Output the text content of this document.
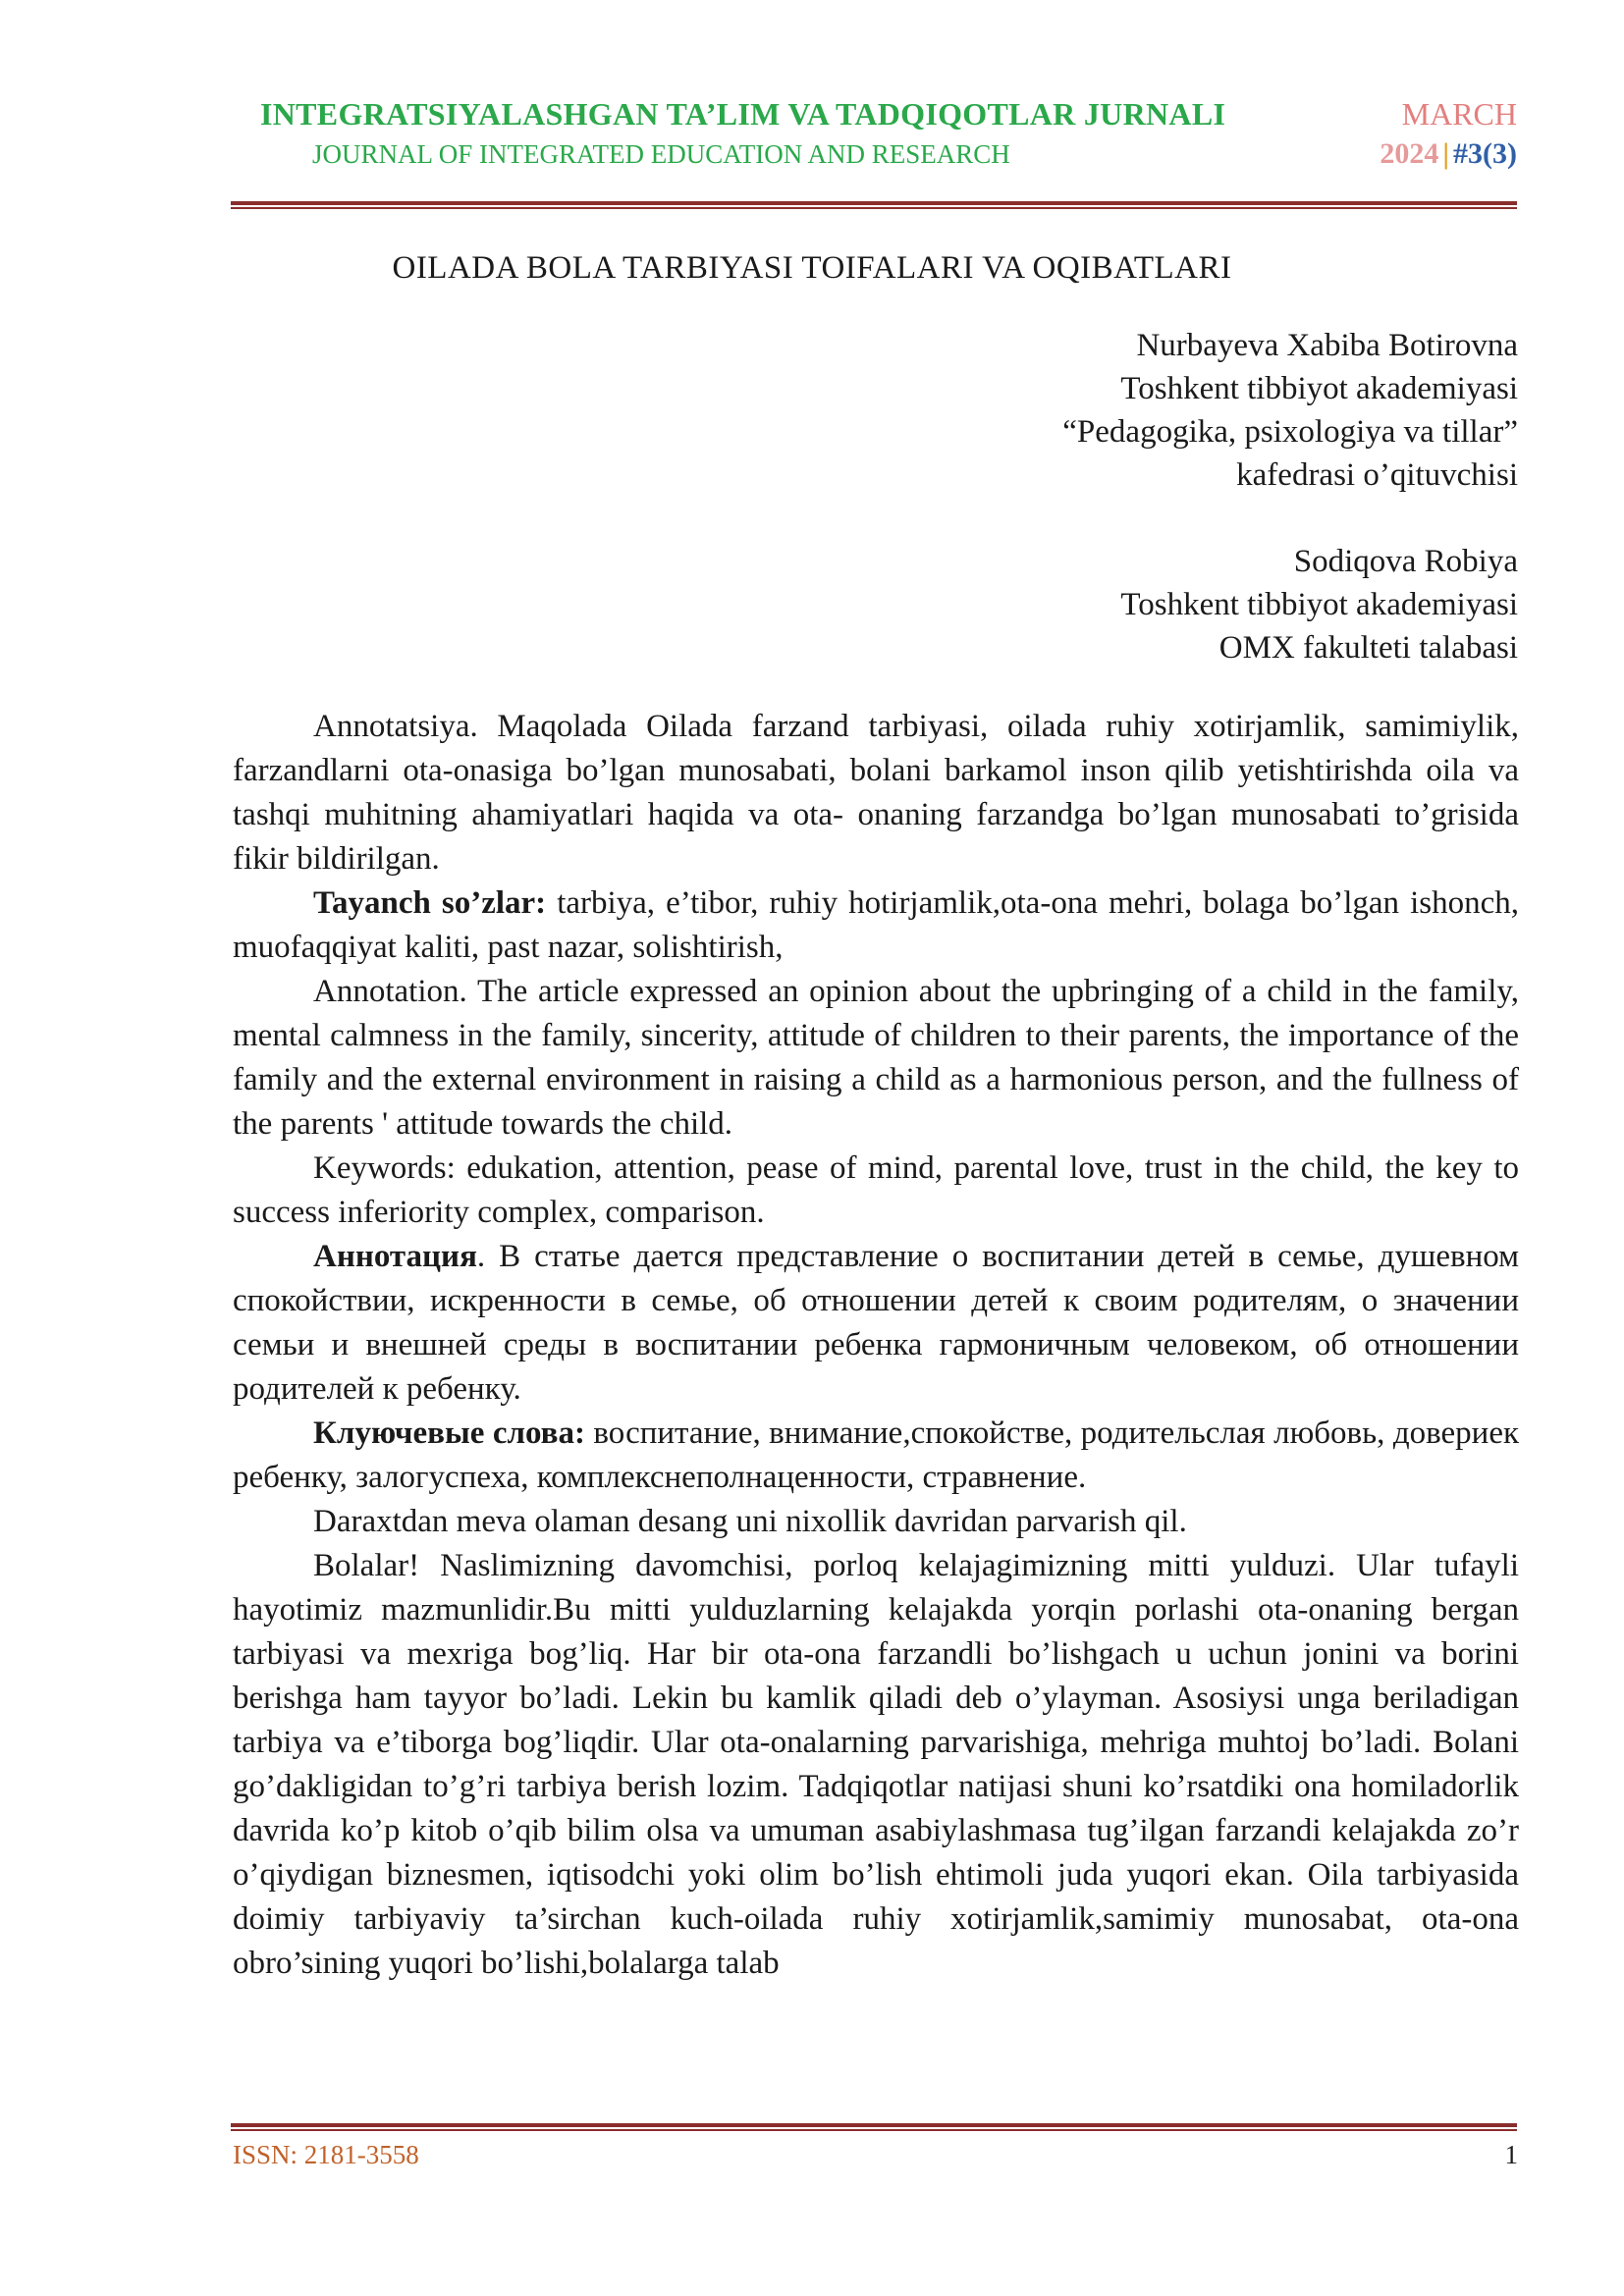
INTEGRATSIYALASHGAN TA’LIM VA TADQIQOTLAR JURNALI
JOURNAL OF INTEGRATED EDUCATION AND RESEARCH
MARCH
2024 | #3(3)
OILADA BOLA TARBIYASI TOIFALARI VA OQIBATLARI
Nurbayeva Xabiba Botirovna
Toshkent tibbiyot akademiyasi
“Pedagogika, psixologiya va tillar”
kafedrasi o’qituvchisi
Sodiqova Robiya
Toshkent tibbiyot akademiyasi
OMX fakulteti talabasi

Annotatsiya. Maqolada Oilada farzand tarbiyasi, oilada ruhiy xotirjamlik, samimiylik, farzandlarni ota-onasiga bo’lgan munosabati, bolani barkamol inson qilib yetishtirishda oila va tashqi muhitning ahamiyatlari haqida va ota- onaning farzandga bo’lgan munosabati to’grisida fikir bildirilgan.

Tayanch so’zlar: tarbiya, e’tibor, ruhiy hotirjamlik,ota-ona mehri, bolaga bo’lgan ishonch, muofaqqiyat kaliti, past nazar, solishtirish,

Annotation. The article expressed an opinion about the upbringing of a child in the family, mental calmness in the family, sincerity, attitude of children to their parents, the importance of the family and the external environment in raising a child as a harmonious person, and the fullness of the parents ' attitude towards the child.

Keywords: edukation, attention, pease of mind, parental love, trust in the child, the key to success inferiority complex, comparison.

Аннотация. В статье дается представление о воспитании детей в семье, душевном спокойствии, искренности в семье, об отношении детей к своим родителям, о значении семьи и внешней среды в воспитании ребенка гармоничным человеком, об отношении родителей к ребенку.

Клуючевые слова: воспитание, внимание,спокойстве, родительслая любовь, довериек ребенку, залогуспеха, комплекснеполнаценности, стравнение.

Daraxtdan meva olaman desang uni nixollik davridan parvarish qil.

Bolalar! Naslimizning davomchisi, porloq kelajagimizning mitti yulduzi. Ular tufayli hayotimiz mazmunlidir.Bu mitti yulduzlarning kelajakda yorqin porlashi ota-onaning bergan tarbiyasi va mexriga bog’liq. Har bir ota-ona farzandli bo’lishgach u uchun jonini va borini berishga ham tayyor bo’ladi. Lekin bu kamlik qiladi deb o’ylayman. Asosiysi unga beriladigan tarbiya va e’tiborga bog’liqdir. Ular ota-onalarning parvarishiga, mehriga muhtoj bo’ladi. Bolani go’dakligidan to’g’ri tarbiya berish lozim. Tadqiqotlar natijasi shuni ko’rsatdiki ona homiladorlik davrida ko’p kitob o’qib bilim olsa va umuman asabiylashmasa tug’ilgan farzandi kelajakda zo’r o’qiydigan biznesmen, iqtisodchi yoki olim bo’lish ehtimoli juda yuqori ekan. Oila tarbiyasida doimiy tarbiyaviy ta’sirchan kuch-oilada ruhiy xotirjamlik,samimiy munosabat, ota-ona obro’sining yuqori bo’lishi,bolalarga talab

ISSN: 2181-3558	1
